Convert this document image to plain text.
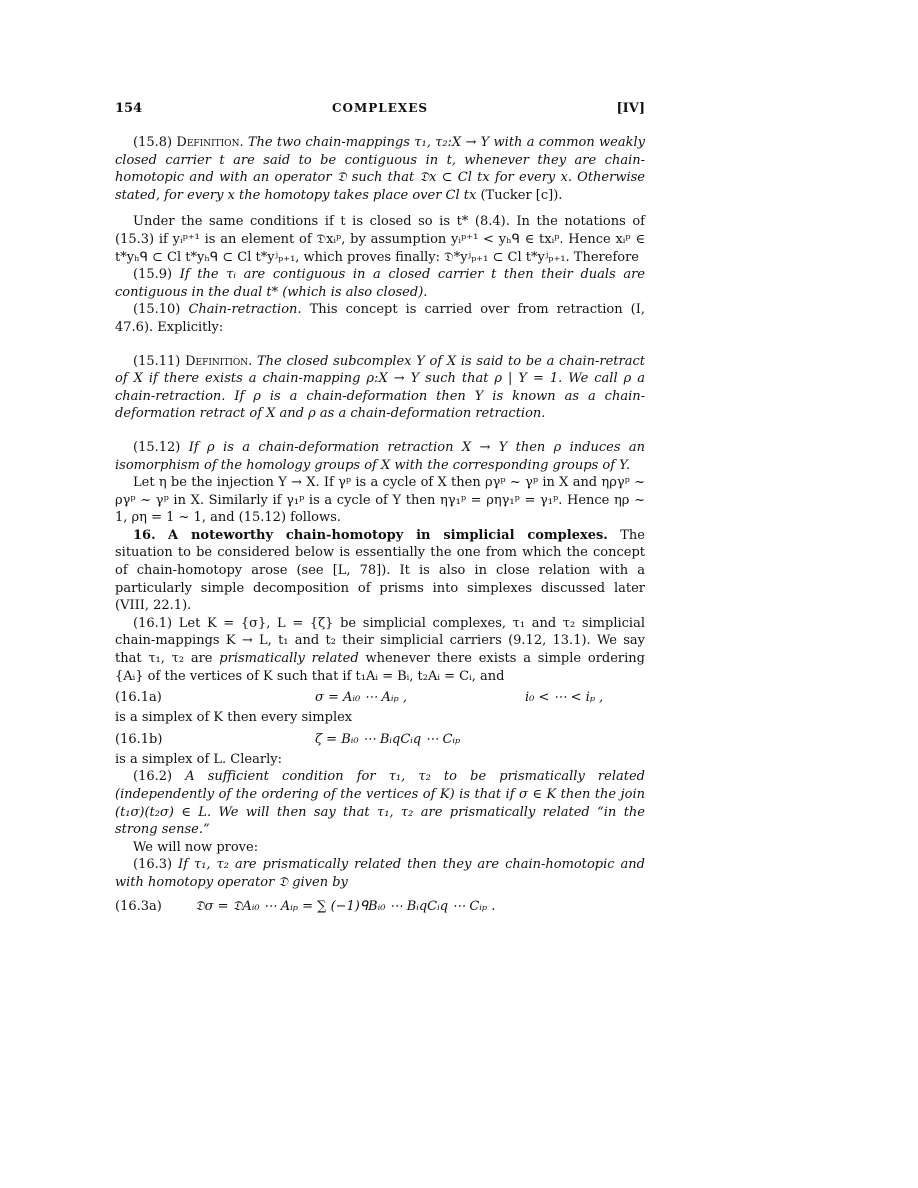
154	COMPLEXES	[IV]

(15.8) Definition. The two chain-mappings τ₁, τ₂:X → Y with a common weakly closed carrier t are said to be contiguous in t, whenever they are chain-homotopic and with an operator 𝔇 such that 𝔇x ⊂ Cl tx for every x. Otherwise stated, for every x the homotopy takes place over Cl tx (Tucker [c]).

Under the same conditions if t is closed so is t* (8.4). In the notations of (15.3) if yᵢᵖ⁺¹ is an element of 𝔇xᵢᵖ, by assumption yᵢᵖ⁺¹ < yₕᑫ ∈ txᵢᵖ. Hence xᵢᵖ ∈ t*yₕᑫ ⊂ Cl t*yₕᑫ ⊂ Cl t*yʲₚ₊₁, which proves finally: 𝔇*yʲₚ₊₁ ⊂ Cl t*yʲₚ₊₁. Therefore

(15.9) If the τᵢ are contiguous in a closed carrier t then their duals are contiguous in the dual t* (which is also closed).

(15.10) Chain-retraction. This concept is carried over from retraction (I, 47.6). Explicitly:

(15.11) Definition. The closed subcomplex Y of X is said to be a chain-retract of X if there exists a chain-mapping ρ:X → Y such that ρ | Y = 1. We call ρ a chain-retraction. If ρ is a chain-deformation then Y is known as a chain-deformation retract of X and ρ as a chain-deformation retraction.

(15.12) If ρ is a chain-deformation retraction X → Y then ρ induces an isomorphism of the homology groups of X with the corresponding groups of Y.

Let η be the injection Y → X. If γᵖ is a cycle of X then ργᵖ ~ γᵖ in X and ηργᵖ ~ ργᵖ ~ γᵖ in X. Similarly if γ₁ᵖ is a cycle of Y then ηγ₁ᵖ = ρηγ₁ᵖ = γ₁ᵖ. Hence ηρ ~ 1, ρη = 1 ~ 1, and (15.12) follows.

16. A noteworthy chain-homotopy in simplicial complexes. The situation to be considered below is essentially the one from which the concept of chain-homotopy arose (see [L, 78]). It is also in close relation with a particularly simple decomposition of prisms into simplexes discussed later (VIII, 22.1).

(16.1) Let K = {σ}, L = {ζ} be simplicial complexes, τ₁ and τ₂ simplicial chain-mappings K → L, t₁ and t₂ their simplicial carriers (9.12, 13.1). We say that τ₁, τ₂ are prismatically related whenever there exists a simple ordering {Aᵢ} of the vertices of K such that if t₁Aᵢ = Bᵢ, t₂Aᵢ = Cᵢ, and

(16.1a)	σ = Aᵢ₀ ⋯ Aᵢₚ ,	i₀ < ⋯ < iₚ ,

is a simplex of K then every simplex

(16.1b)	ζ = Bᵢ₀ ⋯ BᵢqCᵢq ⋯ Cᵢₚ

is a simplex of L. Clearly:

(16.2) A sufficient condition for τ₁, τ₂ to be prismatically related (independently of the ordering of the vertices of K) is that if σ ∈ K then the join (t₁σ)(t₂σ) ∈ L. We will then say that τ₁, τ₂ are prismatically related “in the strong sense.”

We will now prove:

(16.3) If τ₁, τ₂ are prismatically related then they are chain-homotopic and with homotopy operator 𝔇 given by

(16.3a)	𝔇σ = 𝔇Aᵢ₀ ⋯ Aᵢₚ = ∑ (−1)ᑫBᵢ₀ ⋯ BᵢqCᵢq ⋯ Cᵢₚ .
